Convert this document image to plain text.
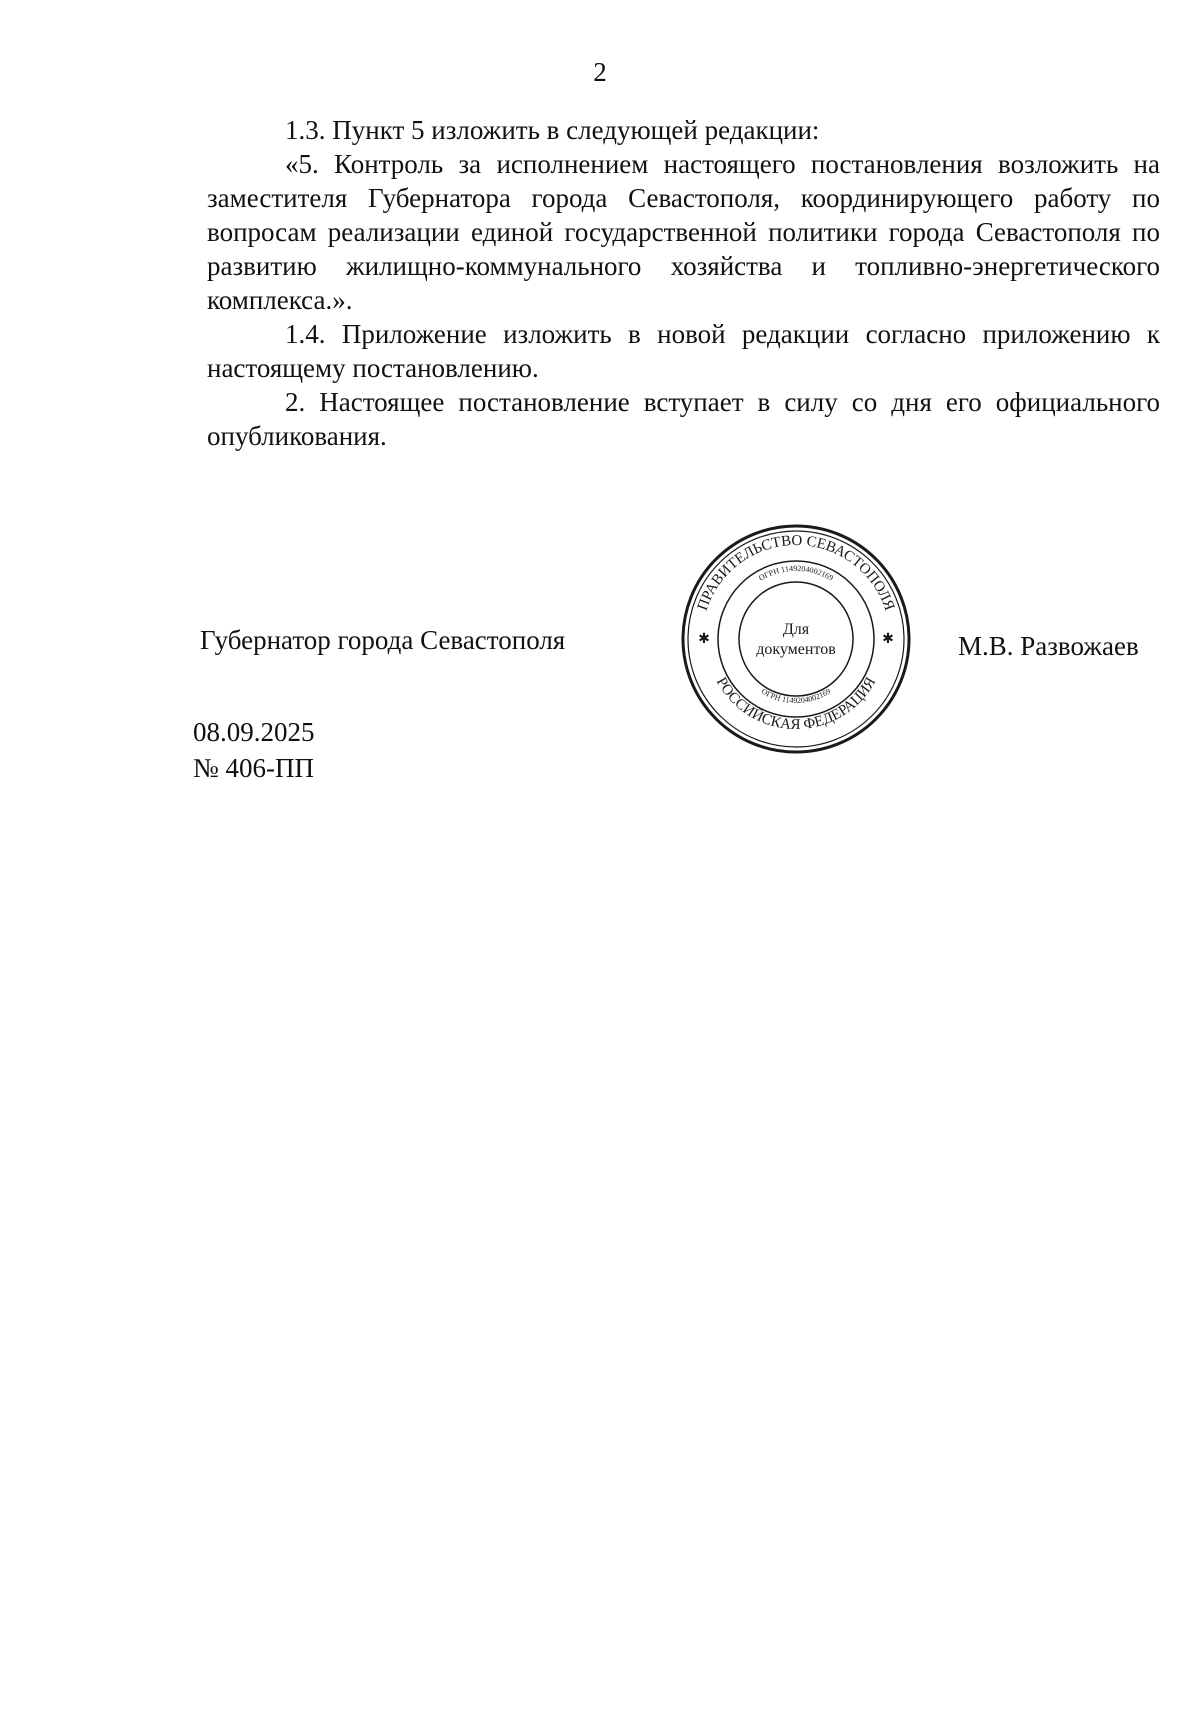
2

1.3. Пункт 5 изложить в следующей редакции:

«5. Контроль за исполнением настоящего постановления возложить на заместителя Губернатора города Севастополя, координирующего работу по вопросам реализации единой государственной политики города Севастополя по развитию жилищно-коммунального хозяйства и топливно-энергетического комплекса.».

1.4. Приложение изложить в новой редакции согласно приложению к настоящему постановлению.

2. Настоящее постановление вступает в силу со дня его официального опубликования.

Губернатор города Севастополя
ПРАВИТЕЛЬСТВО СЕВАСТОПОЛЯ
РОССИЙСКАЯ ФЕДЕРАЦИЯ
ОГРН 1149204002169
ОГРН 1149204002169
✱	✱
Для
документов	М.В. Развожаев
08.09.2025
№ 406-ПП
